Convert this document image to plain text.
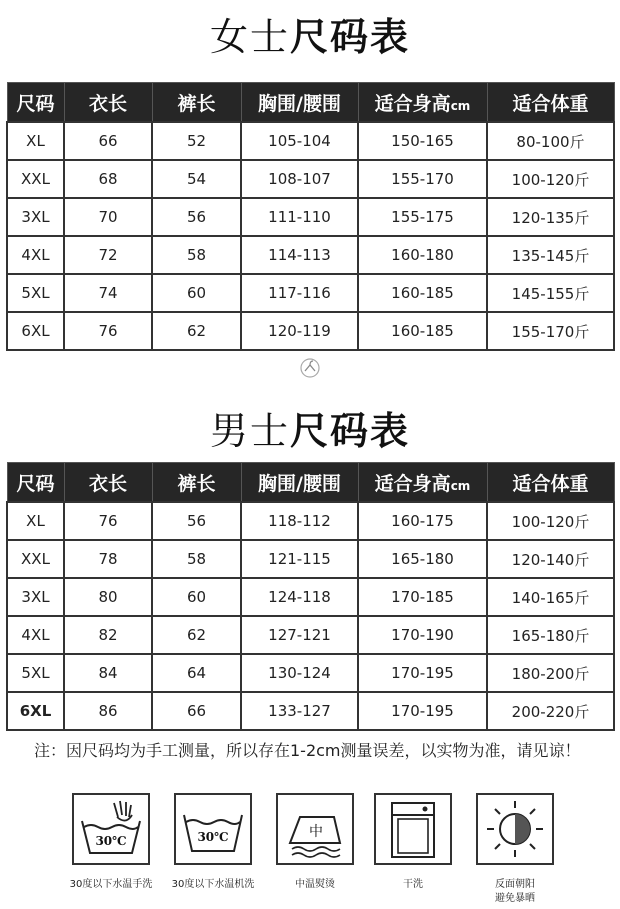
女士尺码表
尺码	衣长	裤长	胸围/腰围	适合身高cm	适合体重
XL	66	52	105-104	150-165	80-100斤
XXL	68	54	108-107	155-170	100-120斤
3XL	70	56	111-110	155-175	120-135斤
4XL	72	58	114-113	160-180	135-145斤
5XL	74	60	117-116	160-185	145-155斤
6XL	76	62	120-119	160-185	155-170斤
男士尺码表
尺码	衣长	裤长	胸围/腰围	适合身高cm	适合体重
XL	76	56	118-112	160-175	100-120斤
XXL	78	58	121-115	165-180	120-140斤
3XL	80	60	124-118	170-185	140-165斤
4XL	82	62	127-121	170-190	165-180斤
5XL	84	64	130-124	170-195	180-200斤
6XL	86	66	133-127	170-195	200-220斤
注：因尺码均为手工测量，所以存在1-2cm测量误差，以实物为准，请见谅！
30℃	30℃	中
30度以下水温手洗	30度以下水温机洗	中温熨烫	干洗	反面朝阳
避免暴晒
